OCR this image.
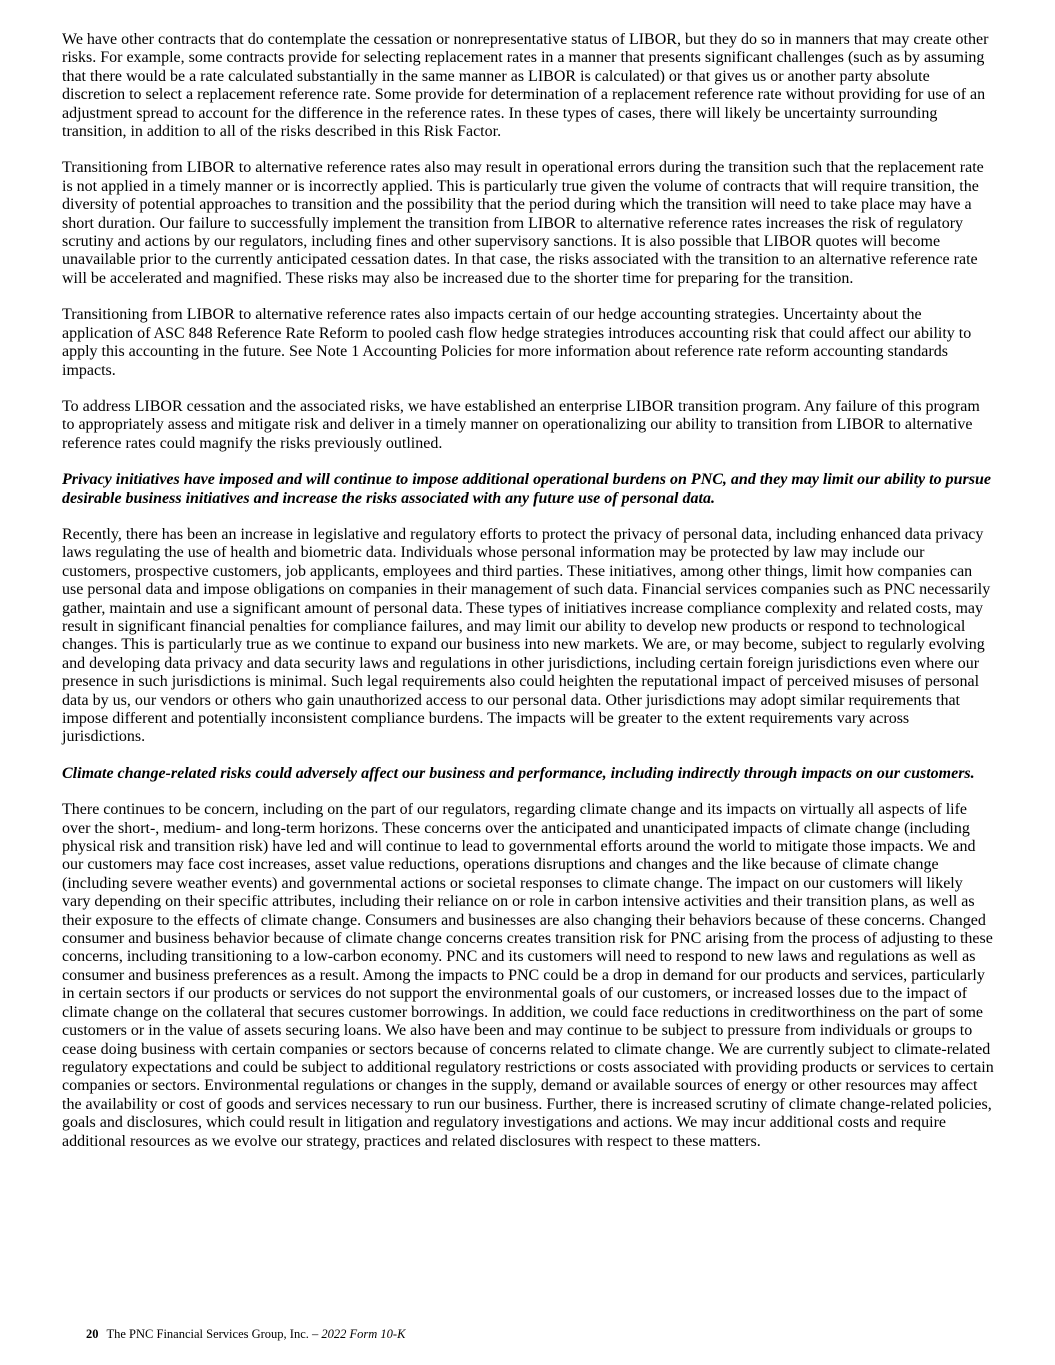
We have other contracts that do contemplate the cessation or nonrepresentative status of LIBOR, but they do so in manners that may create other risks. For example, some contracts provide for selecting replacement rates in a manner that presents significant challenges (such as by assuming that there would be a rate calculated substantially in the same manner as LIBOR is calculated) or that gives us or another party absolute discretion to select a replacement reference rate. Some provide for determination of a replacement reference rate without providing for use of an adjustment spread to account for the difference in the reference rates. In these types of cases, there will likely be uncertainty surrounding transition, in addition to all of the risks described in this Risk Factor.

Transitioning from LIBOR to alternative reference rates also may result in operational errors during the transition such that the replacement rate is not applied in a timely manner or is incorrectly applied. This is particularly true given the volume of contracts that will require transition, the diversity of potential approaches to transition and the possibility that the period during which the transition will need to take place may have a short duration. Our failure to successfully implement the transition from LIBOR to alternative reference rates increases the risk of regulatory scrutiny and actions by our regulators, including fines and other supervisory sanctions. It is also possible that LIBOR quotes will become unavailable prior to the currently anticipated cessation dates. In that case, the risks associated with the transition to an alternative reference rate will be accelerated and magnified. These risks may also be increased due to the shorter time for preparing for the transition.

Transitioning from LIBOR to alternative reference rates also impacts certain of our hedge accounting strategies. Uncertainty about the application of ASC 848 Reference Rate Reform to pooled cash flow hedge strategies introduces accounting risk that could affect our ability to apply this accounting in the future. See Note 1 Accounting Policies for more information about reference rate reform accounting standards impacts.

To address LIBOR cessation and the associated risks, we have established an enterprise LIBOR transition program. Any failure of this program to appropriately assess and mitigate risk and deliver in a timely manner on operationalizing our ability to transition from LIBOR to alternative reference rates could magnify the risks previously outlined.

Privacy initiatives have imposed and will continue to impose additional operational burdens on PNC, and they may limit our ability to pursue desirable business initiatives and increase the risks associated with any future use of personal data.

Recently, there has been an increase in legislative and regulatory efforts to protect the privacy of personal data, including enhanced data privacy laws regulating the use of health and biometric data. Individuals whose personal information may be protected by law may include our customers, prospective customers, job applicants, employees and third parties. These initiatives, among other things, limit how companies can use personal data and impose obligations on companies in their management of such data. Financial services companies such as PNC necessarily gather, maintain and use a significant amount of personal data. These types of initiatives increase compliance complexity and related costs, may result in significant financial penalties for compliance failures, and may limit our ability to develop new products or respond to technological changes. This is particularly true as we continue to expand our business into new markets. We are, or may become, subject to regularly evolving and developing data privacy and data security laws and regulations in other jurisdictions, including certain foreign jurisdictions even where our presence in such jurisdictions is minimal. Such legal requirements also could heighten the reputational impact of perceived misuses of personal data by us, our vendors or others who gain unauthorized access to our personal data. Other jurisdictions may adopt similar requirements that impose different and potentially inconsistent compliance burdens. The impacts will be greater to the extent requirements vary across jurisdictions.

Climate change-related risks could adversely affect our business and performance, including indirectly through impacts on our customers.

There continues to be concern, including on the part of our regulators, regarding climate change and its impacts on virtually all aspects of life over the short-, medium- and long-term horizons. These concerns over the anticipated and unanticipated impacts of climate change (including physical risk and transition risk) have led and will continue to lead to governmental efforts around the world to mitigate those impacts. We and our customers may face cost increases, asset value reductions, operations disruptions and changes and the like because of climate change (including severe weather events) and governmental actions or societal responses to climate change. The impact on our customers will likely vary depending on their specific attributes, including their reliance on or role in carbon intensive activities and their transition plans, as well as their exposure to the effects of climate change. Consumers and businesses are also changing their behaviors because of these concerns. Changed consumer and business behavior because of climate change concerns creates transition risk for PNC arising from the process of adjusting to these concerns, including transitioning to a low-carbon economy. PNC and its customers will need to respond to new laws and regulations as well as consumer and business preferences as a result. Among the impacts to PNC could be a drop in demand for our products and services, particularly in certain sectors if our products or services do not support the environmental goals of our customers, or increased losses due to the impact of climate change on the collateral that secures customer borrowings. In addition, we could face reductions in creditworthiness on the part of some customers or in the value of assets securing loans. We also have been and may continue to be subject to pressure from individuals or groups to cease doing business with certain companies or sectors because of concerns related to climate change. We are currently subject to climate-related regulatory expectations and could be subject to additional regulatory restrictions or costs associated with providing products or services to certain companies or sectors. Environmental regulations or changes in the supply, demand or available sources of energy or other resources may affect the availability or cost of goods and services necessary to run our business. Further, there is increased scrutiny of climate change-related policies, goals and disclosures, which could result in litigation and regulatory investigations and actions. We may incur additional costs and require additional resources as we evolve our strategy, practices and related disclosures with respect to these matters.

20 The PNC Financial Services Group, Inc. – 2022 Form 10-K
